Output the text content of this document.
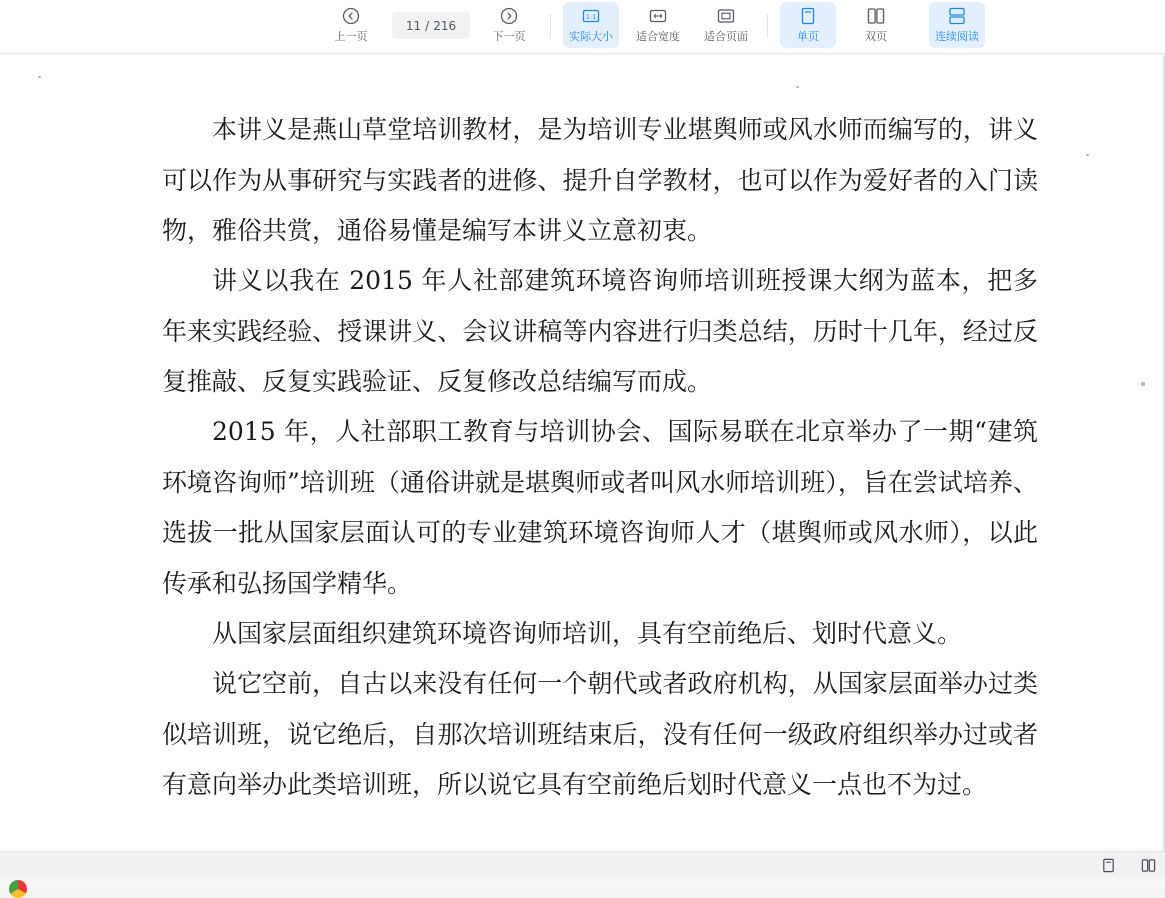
上一页
11 / 216
下一页
1:1
实际大小 适合宽度 适合页面	单页	双页	连续阅读

本讲义是燕山草堂培训教材，是为培训专业堪舆师或风水师而编写的，讲义可以作为从事研究与实践者的进修、提升自学教材，也可以作为爱好者的入门读物，雅俗共赏，通俗易懂是编写本讲义立意初衷。

讲义以我在 2015 年人社部建筑环境咨询师培训班授课大纲为蓝本，把多年来实践经验、授课讲义、会议讲稿等内容进行归类总结，历时十几年，经过反复推敲、反复实践验证、反复修改总结编写而成。

2015 年，人社部职工教育与培训协会、国际易联在北京举办了一期“建筑环境咨询师”培训班（通俗讲就是堪舆师或者叫风水师培训班），旨在尝试培养、选拔一批从国家层面认可的专业建筑环境咨询师人才（堪舆师或风水师），以此传承和弘扬国学精华。

从国家层面组织建筑环境咨询师培训，具有空前绝后、划时代意义。

说它空前，自古以来没有任何一个朝代或者政府机构，从国家层面举办过类似培训班，说它绝后，自那次培训班结束后，没有任何一级政府组织举办过或者有意向举办此类培训班，所以说它具有空前绝后划时代意义一点也不为过。
